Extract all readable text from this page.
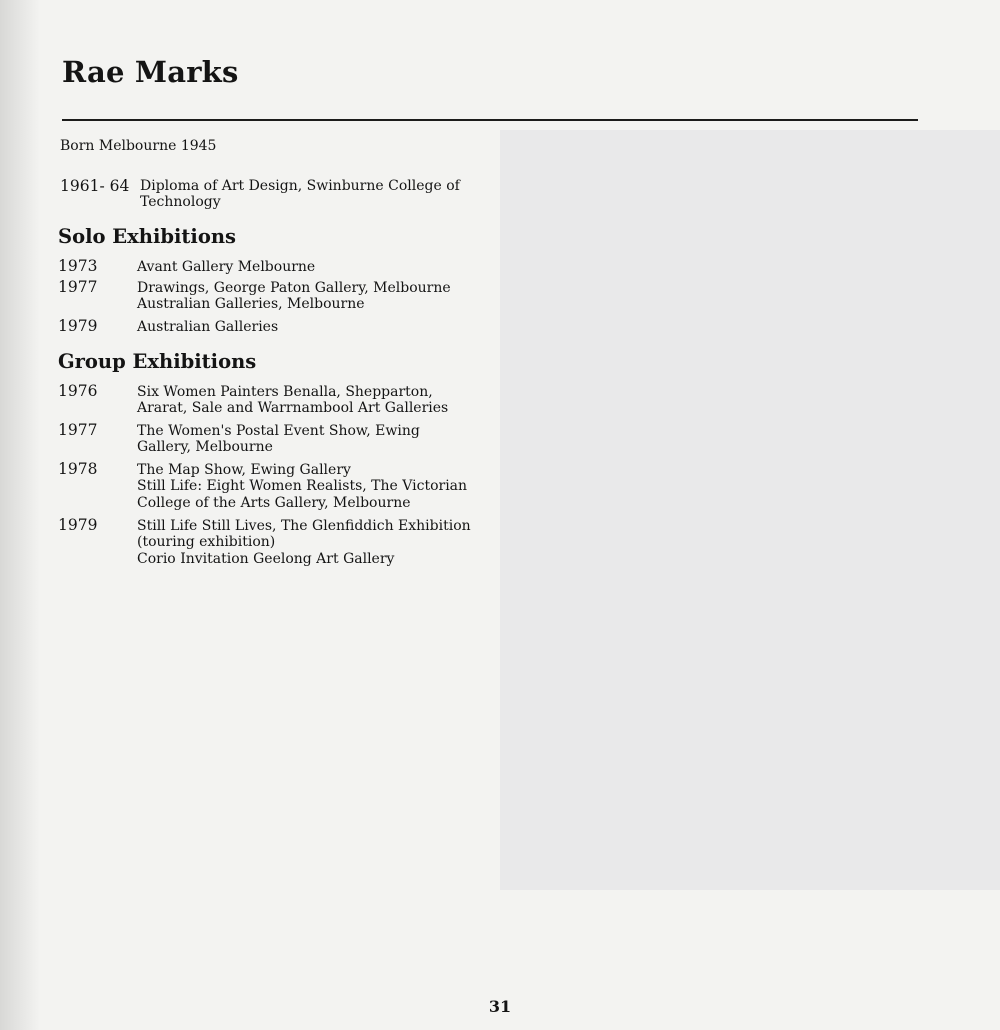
Rae Marks

Born Melbourne 1945

1961- 64 Diploma of Art Design, Swinburne College of
Technology
Solo Exhibitions
1973	Avant Gallery Melbourne
1977	Drawings, George Paton Gallery, Melbourne
Australian Galleries, Melbourne
1979	Australian Galleries
Group Exhibitions
1976	Six Women Painters Benalla, Shepparton,
Ararat, Sale and Warrnambool Art Galleries
1977	The Women's Postal Event Show, Ewing
Gallery, Melbourne
1978	The Map Show, Ewing Gallery
Still Life: Eight Women Realists, The Victorian
College of the Arts Gallery, Melbourne
1979	Still Life Still Lives, The Glenfiddich Exhibition
(touring exhibition)
Corio Invitation Geelong Art Gallery
31
